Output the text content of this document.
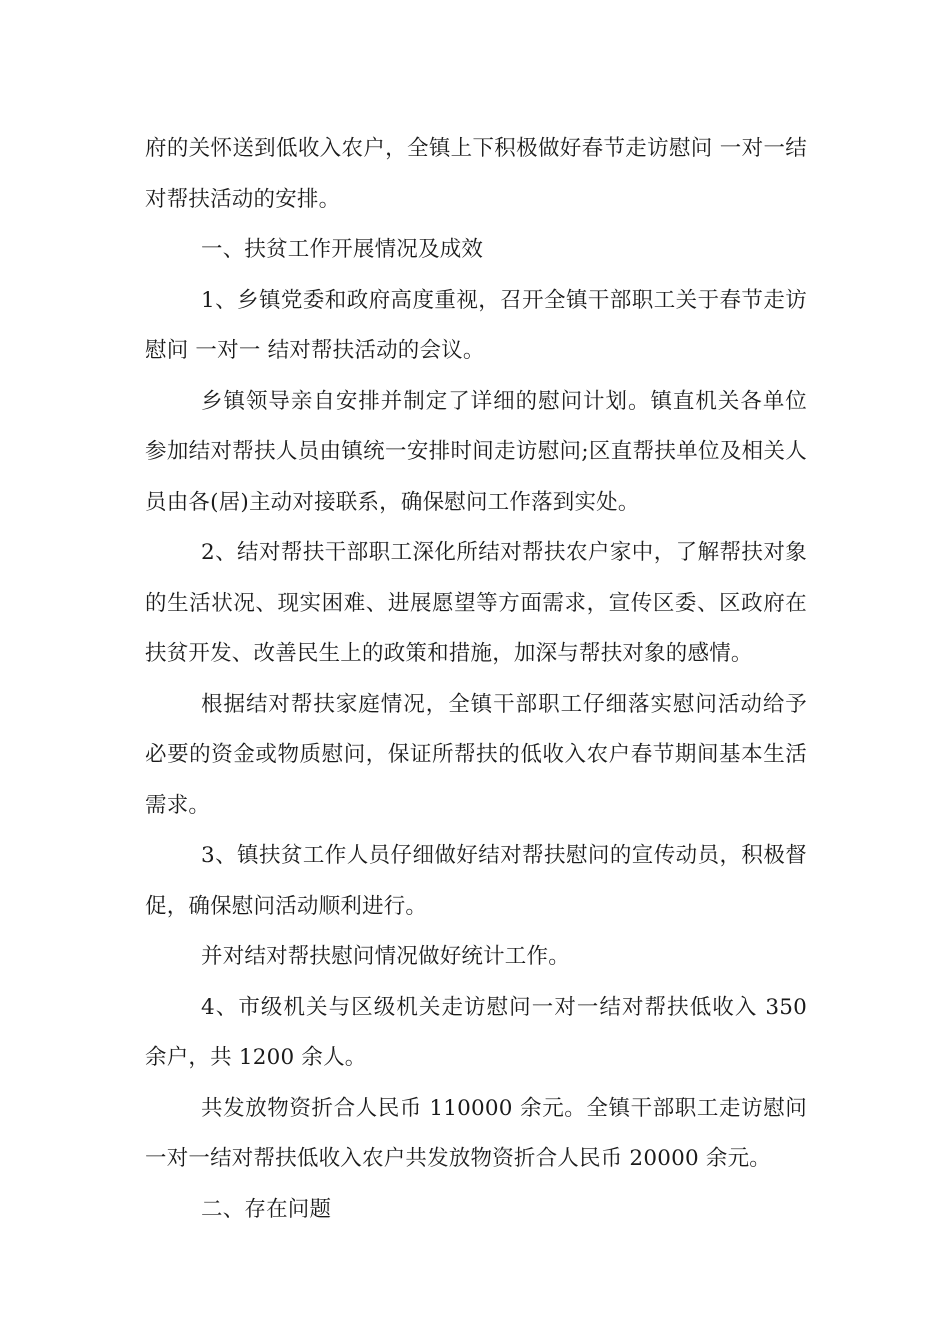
府的关怀送到低收入农户，全镇上下积极做好春节走访慰问 一对一结对帮扶活动的安排。

一、扶贫工作开展情况及成效

1、乡镇党委和政府高度重视，召开全镇干部职工关于春节走访慰问 一对一 结对帮扶活动的会议。

乡镇领导亲自安排并制定了详细的慰问计划。镇直机关各单位参加结对帮扶人员由镇统一安排时间走访慰问;区直帮扶单位及相关人员由各(居)主动对接联系，确保慰问工作落到实处。

2、结对帮扶干部职工深化所结对帮扶农户家中，了解帮扶对象的生活状况、现实困难、进展愿望等方面需求，宣传区委、区政府在扶贫开发、改善民生上的政策和措施，加深与帮扶对象的感情。

根据结对帮扶家庭情况，全镇干部职工仔细落实慰问活动给予必要的资金或物质慰问，保证所帮扶的低收入农户春节期间基本生活需求。

3、镇扶贫工作人员仔细做好结对帮扶慰问的宣传动员，积极督促，确保慰问活动顺利进行。

并对结对帮扶慰问情况做好统计工作。

4、市级机关与区级机关走访慰问一对一结对帮扶低收入 350 余户，共 1200 余人。

共发放物资折合人民币 110000 余元。全镇干部职工走访慰问一对一结对帮扶低收入农户共发放物资折合人民币 20000 余元。

二、存在问题
